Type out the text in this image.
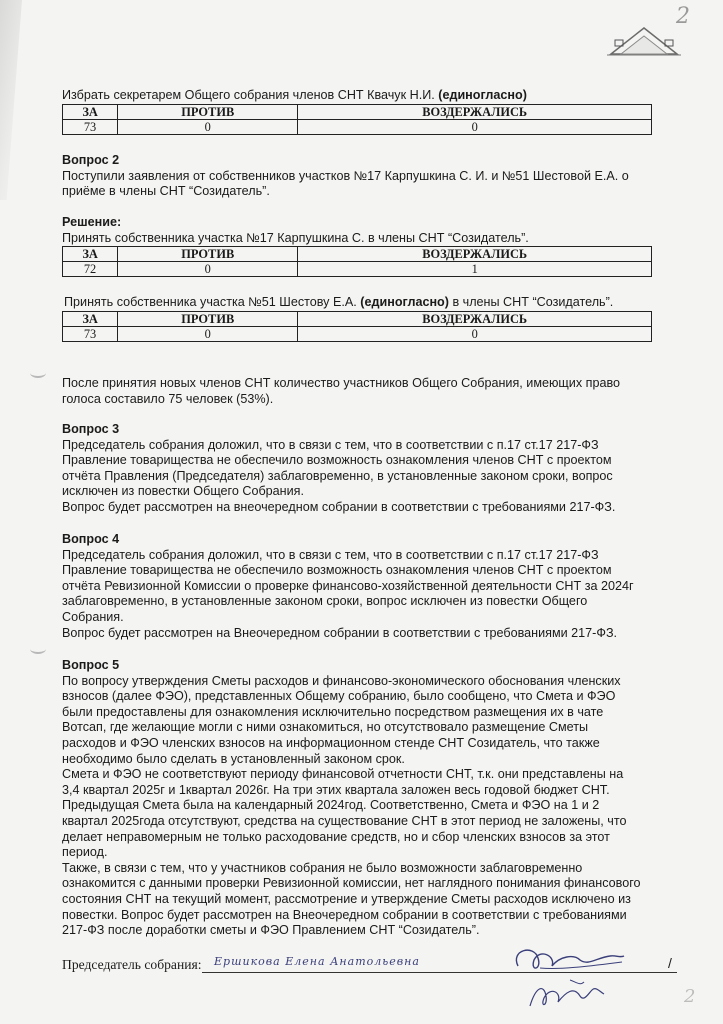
2
2

Избрать секретарем Общего собрания членов СНТ Квачук Н.И. (единогласно)

ЗА	ПРОТИВ	ВОЗДЕРЖАЛИСЬ
73	0	0

Вопрос 2

Поступили заявления от собственников участков №17 Карпушкина С. И. и №51 Шестовой Е.А. о приёме в члены СНТ “Созидатель”.

Решение:

Принять собственника участка №17 Карпушкина С. в члены СНТ “Созидатель”.

ЗА	ПРОТИВ	ВОЗДЕРЖАЛИСЬ
72	0	1

Принять собственника участка №51 Шестову Е.А. (единогласно) в члены СНТ “Созидатель”.

ЗА	ПРОТИВ	ВОЗДЕРЖАЛИСЬ
73	0	0

После принятия новых членов СНТ количество участников Общего Собрания, имеющих право голоса составило 75 человек (53%).

Вопрос 3

Председатель собрания доложил, что в связи с тем, что в соответствии с п.17 ст.17 217-ФЗ

Правление товарищества не обеспечило возможность ознакомления членов СНТ с проектом

отчёта Правления (Председателя) заблаговременно, в установленные законом сроки, вопрос

исключен из повестки Общего Собрания.

Вопрос будет рассмотрен на внеочередном собрании в соответствии с требованиями 217-ФЗ.

Вопрос 4

Председатель собрания доложил, что в связи с тем, что в соответствии с п.17 ст.17 217-ФЗ

Правление товарищества не обеспечило возможность ознакомления членов СНТ с проектом

отчёта Ревизионной Комиссии о проверке финансово-хозяйственной деятельности СНТ за 2024г

заблаговременно, в установленные законом сроки, вопрос исключен из повестки Общего

Собрания.

Вопрос будет рассмотрен на Внеочередном собрании в соответствии с требованиями 217-ФЗ.

Вопрос 5

По вопросу утверждения Сметы расходов и финансово-экономического обоснования членских

взносов (далее ФЭО), представленных Общему собранию, было сообщено, что Смета и ФЭО

были предоставлены для ознакомления исключительно посредством размещения их в чате

Вотсап, где желающие могли с ними ознакомиться, но отсутствовало размещение Сметы

расходов и ФЭО членских взносов на информационном стенде СНТ Созидатель, что также

необходимо было сделать в установленный законом срок.

Смета и ФЭО не соответствуют периоду финансовой отчетности СНТ, т.к. они представлены на

3,4 квартал 2025г и 1квартал 2026г. На три этих квартала заложен весь годовой бюджет СНТ.

Предыдущая Смета была на календарный 2024год. Соответственно, Смета и ФЭО на 1 и 2

квартал 2025года отсутствуют, средства на существование СНТ в этот период не заложены, что

делает неправомерным не только расходование средств, но и сбор членских взносов за этот

период.

Также, в связи с тем, что у участников собрания не было возможности заблаговременно

ознакомится с данными проверки Ревизионной комиссии, нет наглядного понимания финансового

состояния СНТ на текущий момент, рассмотрение и утверждение Сметы расходов исключено из

повестки. Вопрос будет рассмотрен на Внеочередном собрании в соответствии с требованиями

217-ФЗ после доработки сметы и ФЭО Правлением СНТ “Созидатель”.

Председатель собрания: Ершикова Елена Анатольевна	/
